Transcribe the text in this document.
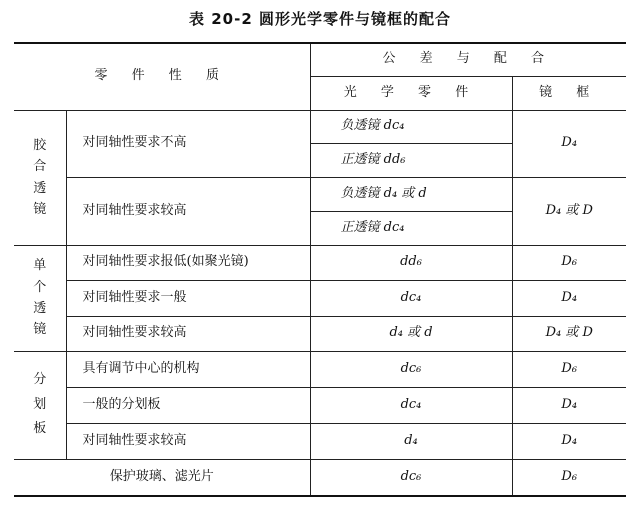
表 20-2 圆形光学零件与镜框的配合
零 件 性 质		公 差 与 配 合	
		光 学 零 件	镜 框
胶合透镜	对同轴性要求不高	负透镜 dc₄	D₄
		正透镜 dd₆	
	对同轴性要求较高	负透镜 d₄ 或 d	D₄ 或 D
		正透镜 dc₄	
单个透镜	对同轴性要求报低(如聚光镜)	dd₆	D₆
	对同轴性要求一般	dc₄	D₄
	对同轴性要求较高	d₄ 或 d	D₄ 或 D
分划板	具有调节中心的机构	dc₆	D₆
	一般的分划板	dc₄	D₄
	对同轴性要求较高	d₄	D₄
保护玻璃、滤光片		dc₆	D₆
